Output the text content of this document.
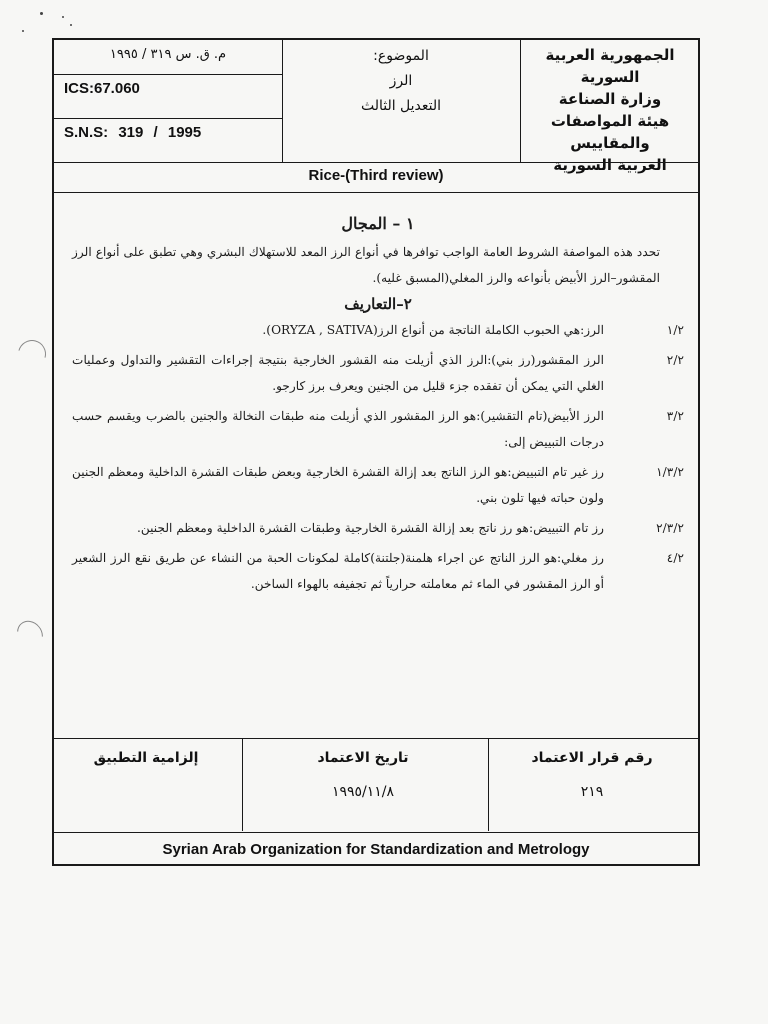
الجمهورية العربية السورية
وزارة الصناعة
هيئة المواصفات والمقاييس
العربية السورية
الموضوع:
الرز
التعديل الثالث
م. ق. س ٣١٩ / ١٩٩٥
ICS:67.060
S.N.S: 319 / 1995
Rice-(Third review)
١ – المجال

تحدد هذه المواصفة الشروط العامة الواجب توافرها في أنواع الرز المعد للاستهلاك البشري وهي تطبق على أنواع الرز المقشور–الرز الأبيض بأنواعه والرز المغلي(المسبق غليه).

٢–التعاريف
١/٢
الرز:هي الحبوب الكاملة الناتجة من أنواع الرز(ORYZA , SATIVA).
٢/٢
الرز المقشور(رز بني):الرز الذي أزيلت منه القشور الخارجية بنتيجة إجراءات التقشير والتداول وعمليات الغلي التي يمكن أن تفقده جزء قليل من الجنين ويعرف برز كارجو.
٣/٢
الرز الأبيض(تام التقشير):هو الرز المقشور الذي أزيلت منه طبقات النخالة والجنين بالضرب ويقسم حسب درجات التبييض إلى:
١/٣/٢
رز غير تام التبييض:هو الرز الناتج بعد إزالة القشرة الخارجية وبعض طبقات القشرة الداخلية ومعظم الجنين ولون حباته فيها تلون بني.
٢/٣/٢
رز تام التبييض:هو رز ناتج بعد إزالة القشرة الخارجية وطبقات القشرة الداخلية ومعظم الجنين.
٤/٢
رز مغلي:هو الرز الناتج عن اجراء هلمنة(جلتنة)كاملة لمكونات الحبة من النشاء عن طريق نقع الرز الشعير أو الرز المقشور في الماء ثم معاملته حرارياً ثم تجفيفه بالهواء الساخن.
رقم قرار الاعتماد
٢١٩
تاريخ الاعتماد
١٩٩٥/١١/٨
إلزامية التطبيق
Syrian Arab Organization for Standardization and Metrology
